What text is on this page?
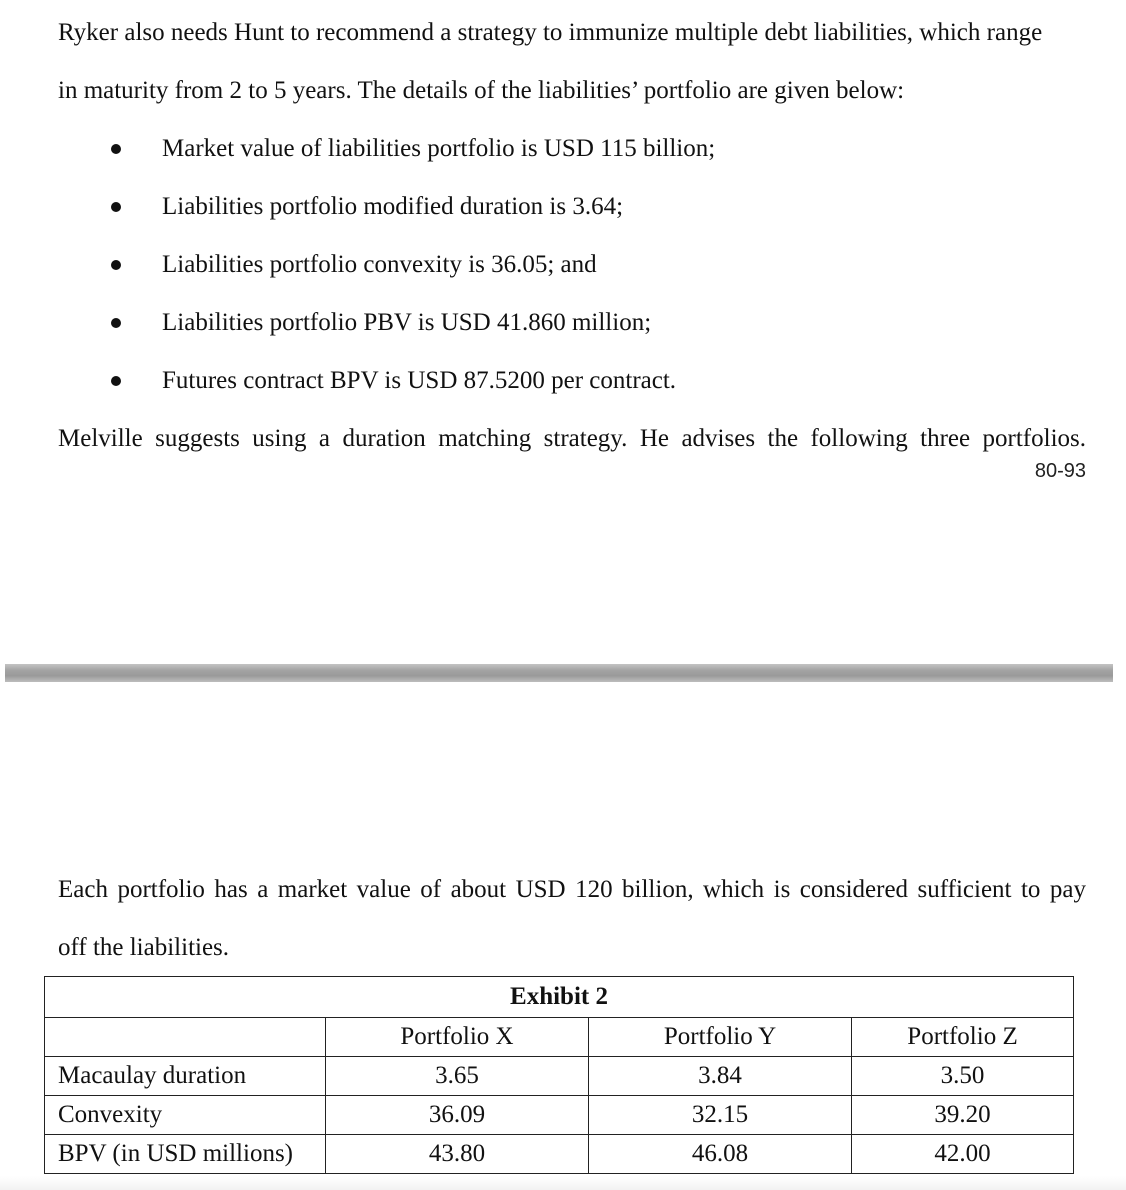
Ryker also needs Hunt to recommend a strategy to immunize multiple debt liabilities, which range
in maturity from 2 to 5 years. The details of the liabilities’ portfolio are given below:
Market value of liabilities portfolio is USD 115 billion;
Liabilities portfolio modified duration is 3.64;
Liabilities portfolio convexity is 36.05; and
Liabilities portfolio PBV is USD 41.860 million;
Futures contract BPV is USD 87.5200 per contract.
Melville suggests using a duration matching strategy. He advises the following three portfolios.
80-93
Each portfolio has a market value of about USD 120 billion, which is considered sufficient to pay
off the liabilities.
Exhibit 2			
	Portfolio X	Portfolio Y	Portfolio Z
Macaulay duration	3.65	3.84	3.50
Convexity	36.09	32.15	39.20
BPV (in USD millions)	43.80	46.08	42.00
